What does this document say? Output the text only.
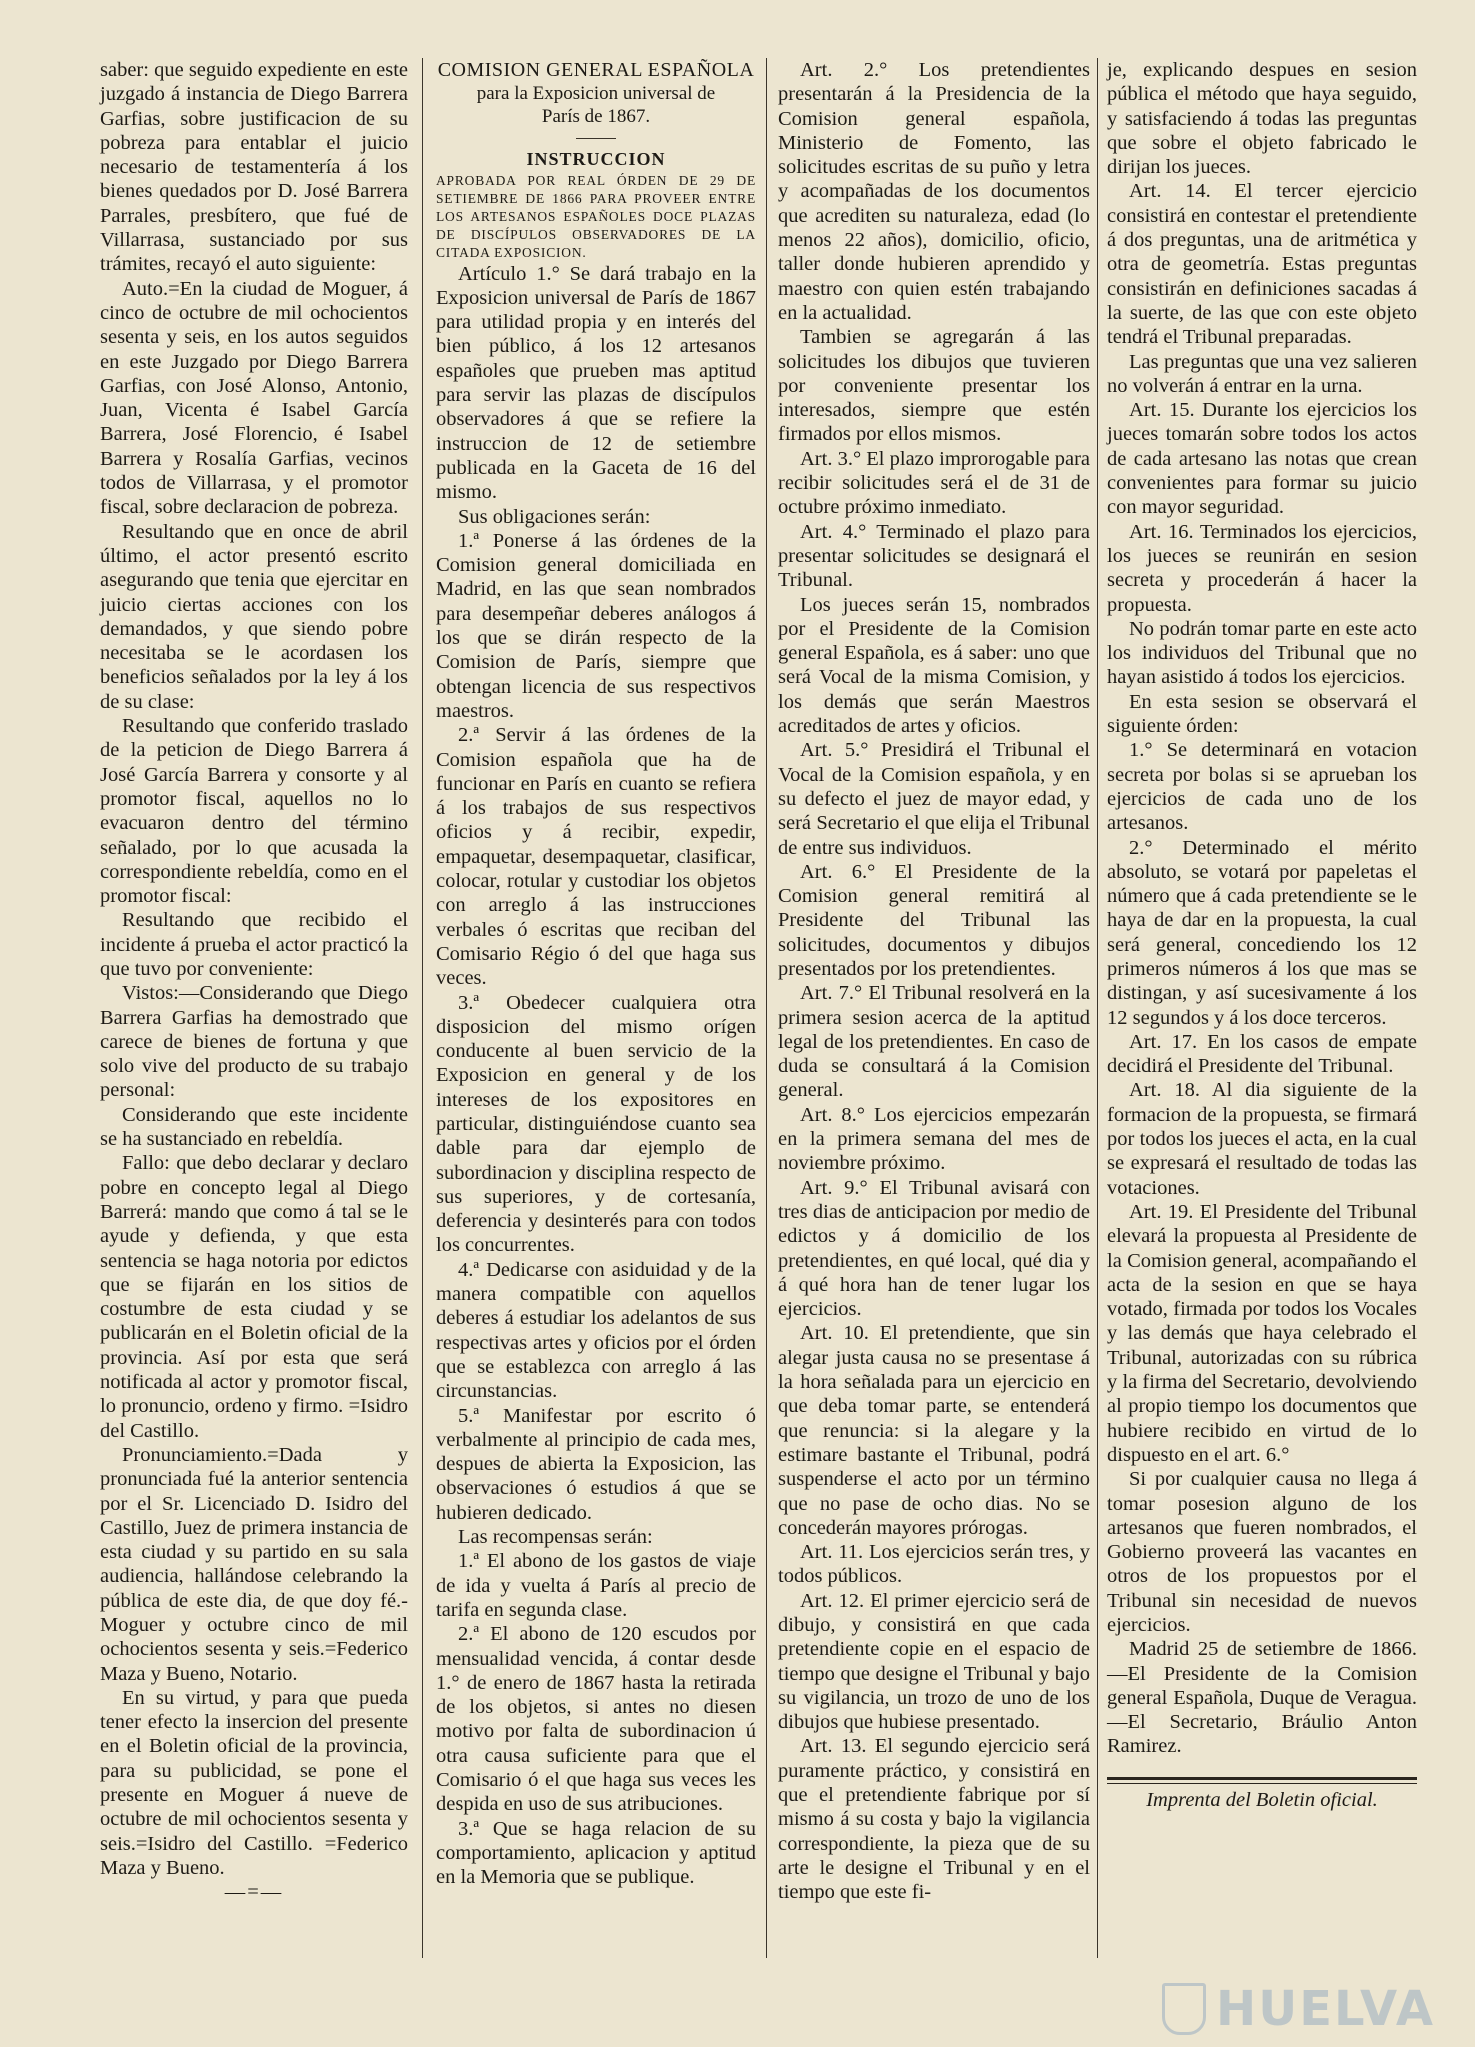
saber: que seguido expediente en este juzgado á instancia de Diego Barrera Garfias, sobre justificacion de su pobreza para entablar el juicio necesario de testamentería á los bienes quedados por D. José Barrera Parrales, presbítero, que fué de Villarrasa, sustanciado por sus trámites, recayó el auto siguiente:

Auto.=En la ciudad de Moguer, á cinco de octubre de mil ochocientos sesenta y seis, en los autos seguidos en este Juzgado por Diego Barrera Garfias, con José Alonso, Antonio, Juan, Vicenta é Isabel García Barrera, José Florencio, é Isabel Barrera y Rosalía Garfias, vecinos todos de Villarrasa, y el promotor fiscal, sobre declaracion de pobreza.

Resultando que en once de abril último, el actor presentó escrito asegurando que tenia que ejercitar en juicio ciertas acciones con los demandados, y que siendo pobre necesitaba se le acordasen los beneficios señalados por la ley á los de su clase:

Resultando que conferido traslado de la peticion de Diego Barrera á José García Barrera y consorte y al promotor fiscal, aquellos no lo evacuaron dentro del término señalado, por lo que acusada la correspondiente rebeldía, como en el promotor fiscal:

Resultando que recibido el incidente á prueba el actor practicó la que tuvo por conveniente:

Vistos:—Considerando que Diego Barrera Garfias ha demostrado que carece de bienes de fortuna y que solo vive del producto de su trabajo personal:

Considerando que este incidente se ha sustanciado en rebeldía.

Fallo: que debo declarar y declaro pobre en concepto legal al Diego Barrerá: mando que como á tal se le ayude y defienda, y que esta sentencia se haga notoria por edictos que se fijarán en los sitios de costumbre de esta ciudad y se publicarán en el Boletin oficial de la provincia. Así por esta que será notificada al actor y promotor fiscal, lo pronuncio, ordeno y firmo. =Isidro del Castillo.

Pronunciamiento.=Dada y pronunciada fué la anterior sentencia por el Sr. Licenciado D. Isidro del Castillo, Juez de primera instancia de esta ciudad y su partido en su sala audiencia, hallándose celebrando la pública de este dia, de que doy fé.-Moguer y octubre cinco de mil ochocientos sesenta y seis.=Federico Maza y Bueno, Notario.

En su virtud, y para que pueda tener efecto la insercion del presente en el Boletin oficial de la provincia, para su publicidad, se pone el presente en Moguer á nueve de octubre de mil ochocientos sesenta y seis.=Isidro del Castillo. =Federico Maza y Bueno.

—=—

COMISION GENERAL ESPAÑOLA

para la Exposicion universal de

París de 1867.

INSTRUCCION

APROBADA POR REAL ÓRDEN DE 29 DE SETIEMBRE DE 1866 PARA PROVEER ENTRE LOS ARTESANOS ESPAÑOLES DOCE PLAZAS DE DISCÍPULOS OBSERVADORES DE LA CITADA EXPOSICION.

Artículo 1.° Se dará trabajo en la Exposicion universal de París de 1867 para utilidad propia y en interés del bien público, á los 12 artesanos españoles que prueben mas aptitud para servir las plazas de discípulos observadores á que se refiere la instruccion de 12 de setiembre publicada en la Gaceta de 16 del mismo.

Sus obligaciones serán:

1.ª Ponerse á las órdenes de la Comision general domiciliada en Madrid, en las que sean nombrados para desempeñar deberes análogos á los que se dirán respecto de la Comision de París, siempre que obtengan licencia de sus respectivos maestros.

2.ª Servir á las órdenes de la Comision española que ha de funcionar en París en cuanto se refiera á los trabajos de sus respectivos oficios y á recibir, expedir, empaquetar, desempaquetar, clasificar, colocar, rotular y custodiar los objetos con arreglo á las instrucciones verbales ó escritas que reciban del Comisario Régio ó del que haga sus veces.

3.ª Obedecer cualquiera otra disposicion del mismo orígen conducente al buen servicio de la Exposicion en general y de los intereses de los expositores en particular, distinguiéndose cuanto sea dable para dar ejemplo de subordinacion y disciplina respecto de sus superiores, y de cortesanía, deferencia y desinterés para con todos los concurrentes.

4.ª Dedicarse con asiduidad y de la manera compatible con aquellos deberes á estudiar los adelantos de sus respectivas artes y oficios por el órden que se establezca con arreglo á las circunstancias.

5.ª Manifestar por escrito ó verbalmente al principio de cada mes, despues de abierta la Exposicion, las observaciones ó estudios á que se hubieren dedicado.

Las recompensas serán:

1.ª El abono de los gastos de viaje de ida y vuelta á París al precio de tarifa en segunda clase.

2.ª El abono de 120 escudos por mensualidad vencida, á contar desde 1.° de enero de 1867 hasta la retirada de los objetos, si antes no diesen motivo por falta de subordinacion ú otra causa suficiente para que el Comisario ó el que haga sus veces les despida en uso de sus atribuciones.

3.ª Que se haga relacion de su comportamiento, aplicacion y aptitud en la Memoria que se publique.

Art. 2.° Los pretendientes presentarán á la Presidencia de la Comision general española, Ministerio de Fomento, las solicitudes escritas de su puño y letra y acompañadas de los documentos que acrediten su naturaleza, edad (lo menos 22 años), domicilio, oficio, taller donde hubieren aprendido y maestro con quien estén trabajando en la actualidad.

Tambien se agregarán á las solicitudes los dibujos que tuvieren por conveniente presentar los interesados, siempre que estén firmados por ellos mismos.

Art. 3.° El plazo improrogable para recibir solicitudes será el de 31 de octubre próximo inmediato.

Art. 4.° Terminado el plazo para presentar solicitudes se designará el Tribunal.

Los jueces serán 15, nombrados por el Presidente de la Comision general Española, es á saber: uno que será Vocal de la misma Comision, y los demás que serán Maestros acreditados de artes y oficios.

Art. 5.° Presidirá el Tribunal el Vocal de la Comision española, y en su defecto el juez de mayor edad, y será Secretario el que elija el Tribunal de entre sus individuos.

Art. 6.° El Presidente de la Comision general remitirá al Presidente del Tribunal las solicitudes, documentos y dibujos presentados por los pretendientes.

Art. 7.° El Tribunal resolverá en la primera sesion acerca de la aptitud legal de los pretendientes. En caso de duda se consultará á la Comision general.

Art. 8.° Los ejercicios empezarán en la primera semana del mes de noviembre próximo.

Art. 9.° El Tribunal avisará con tres dias de anticipacion por medio de edictos y á domicilio de los pretendientes, en qué local, qué dia y á qué hora han de tener lugar los ejercicios.

Art. 10. El pretendiente, que sin alegar justa causa no se presentase á la hora señalada para un ejercicio en que deba tomar parte, se entenderá que renuncia: si la alegare y la estimare bastante el Tribunal, podrá suspenderse el acto por un término que no pase de ocho dias. No se concederán mayores prórogas.

Art. 11. Los ejercicios serán tres, y todos públicos.

Art. 12. El primer ejercicio será de dibujo, y consistirá en que cada pretendiente copie en el espacio de tiempo que designe el Tribunal y bajo su vigilancia, un trozo de uno de los dibujos que hubiese presentado.

Art. 13. El segundo ejercicio será puramente práctico, y consistirá en que el pretendiente fabrique por sí mismo á su costa y bajo la vigilancia correspondiente, la pieza que de su arte le designe el Tribunal y en el tiempo que este fi-

je, explicando despues en sesion pública el método que haya seguido, y satisfaciendo á todas las preguntas que sobre el objeto fabricado le dirijan los jueces.

Art. 14. El tercer ejercicio consistirá en contestar el pretendiente á dos preguntas, una de aritmética y otra de geometría. Estas preguntas consistirán en definiciones sacadas á la suerte, de las que con este objeto tendrá el Tribunal preparadas.

Las preguntas que una vez salieren no volverán á entrar en la urna.

Art. 15. Durante los ejercicios los jueces tomarán sobre todos los actos de cada artesano las notas que crean convenientes para formar su juicio con mayor seguridad.

Art. 16. Terminados los ejercicios, los jueces se reunirán en sesion secreta y procederán á hacer la propuesta.

No podrán tomar parte en este acto los individuos del Tribunal que no hayan asistido á todos los ejercicios.

En esta sesion se observará el siguiente órden:

1.° Se determinará en votacion secreta por bolas si se aprueban los ejercicios de cada uno de los artesanos.

2.° Determinado el mérito absoluto, se votará por papeletas el número que á cada pretendiente se le haya de dar en la propuesta, la cual será general, concediendo los 12 primeros números á los que mas se distingan, y así sucesivamente á los 12 segundos y á los doce terceros.

Art. 17. En los casos de empate decidirá el Presidente del Tribunal.

Art. 18. Al dia siguiente de la formacion de la propuesta, se firmará por todos los jueces el acta, en la cual se expresará el resultado de todas las votaciones.

Art. 19. El Presidente del Tribunal elevará la propuesta al Presidente de la Comision general, acompañando el acta de la sesion en que se haya votado, firmada por todos los Vocales y las demás que haya celebrado el Tribunal, autorizadas con su rúbrica y la firma del Secretario, devolviendo al propio tiempo los documentos que hubiere recibido en virtud de lo dispuesto en el art. 6.°

Si por cualquier causa no llega á tomar posesion alguno de los artesanos que fueren nombrados, el Gobierno proveerá las vacantes en otros de los propuestos por el Tribunal sin necesidad de nuevos ejercicios.

Madrid 25 de setiembre de 1866. —El Presidente de la Comision general Española, Duque de Veragua.—El Secretario, Bráulio Anton Ramirez.

Imprenta del Boletin oficial.

HUELVA
